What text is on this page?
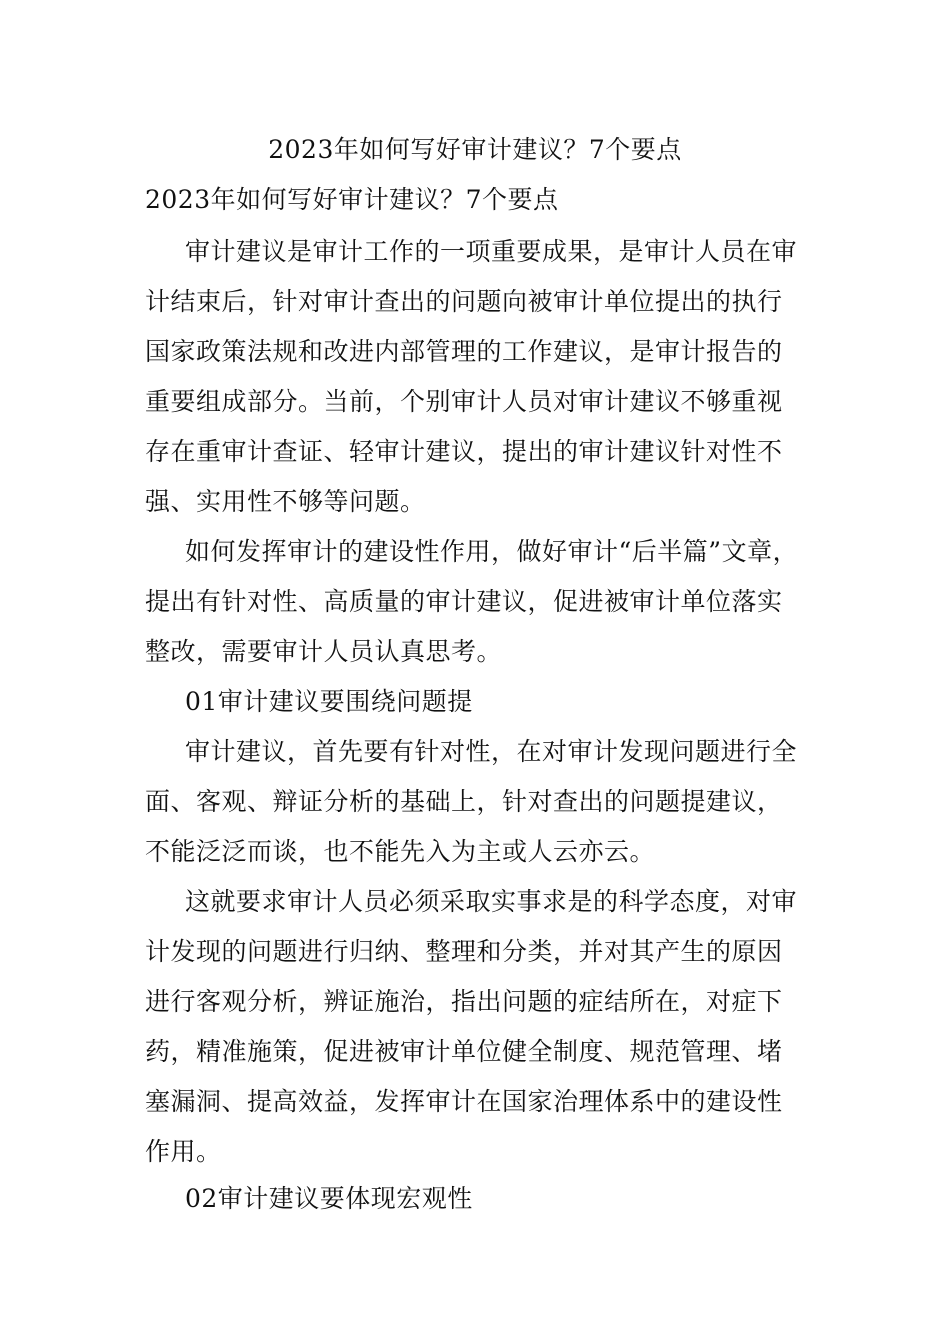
2023年如何写好审计建议？7个要点
2023年如何写好审计建议？7个要点
审计建议是审计工作的一项重要成果，是审计人员在审
计结束后，针对审计查出的问题向被审计单位提出的执行
国家政策法规和改进内部管理的工作建议，是审计报告的
重要组成部分。当前，个别审计人员对审计建议不够重视
存在重审计查证、轻审计建议，提出的审计建议针对性不
强、实用性不够等问题。
如何发挥审计的建设性作用，做好审计“后半篇”文章，
提出有针对性、高质量的审计建议，促进被审计单位落实
整改，需要审计人员认真思考。
01审计建议要围绕问题提
审计建议，首先要有针对性，在对审计发现问题进行全
面、客观、辩证分析的基础上，针对查出的问题提建议，
不能泛泛而谈，也不能先入为主或人云亦云。
这就要求审计人员必须采取实事求是的科学态度，对审
计发现的问题进行归纳、整理和分类，并对其产生的原因
进行客观分析，辨证施治，指出问题的症结所在，对症下
药，精准施策，促进被审计单位健全制度、规范管理、堵
塞漏洞、提高效益，发挥审计在国家治理体系中的建设性
作用。
02审计建议要体现宏观性
